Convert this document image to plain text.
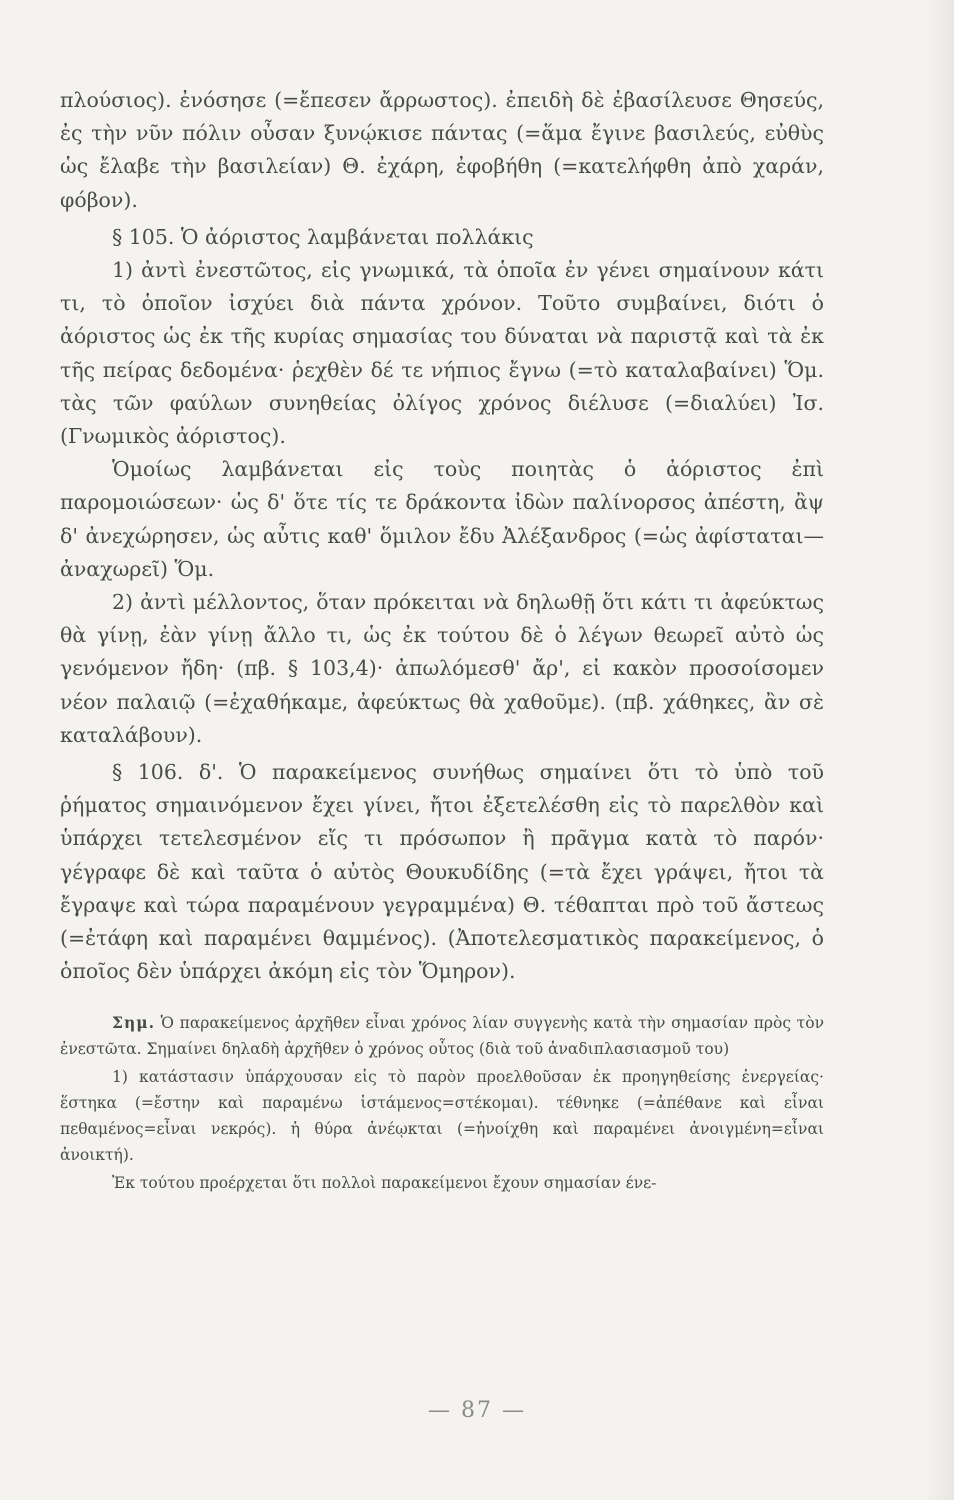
πλούσιος). ἐνόσησε (=ἔπεσεν ἄρρωστος). ἐπειδὴ δὲ ἐβασίλευσε Θησεύς, ἐς τὴν νῦν πόλιν οὖσαν ξυνῴκισε πάντας (=ἅμα ἔγινε βασιλεύς, εὐθὺς ὡς ἔλαβε τὴν βασιλείαν) Θ. ἐχάρη, ἐφοβήθη (=κατελήφθη ἀπὸ χαράν, φόβον).

§ 105. Ὁ ἀόριστος λαμβάνεται πολλάκις

1) ἀντὶ ἐνεστῶτος, εἰς γνωμικά, τὰ ὁποῖα ἐν γένει σημαίνουν κάτι τι, τὸ ὁποῖον ἰσχύει διὰ πάντα χρόνον. Τοῦτο συμβαίνει, διότι ὁ ἀόριστος ὡς ἐκ τῆς κυρίας σημασίας του δύναται νὰ παριστᾷ καὶ τὰ ἐκ τῆς πείρας δεδομένα· ῥεχθὲν δέ τε νήπιος ἔγνω (=τὸ καταλαβαίνει) Ὅμ. τὰς τῶν φαύλων συνηθείας ὀλίγος χρόνος διέλυσε (=διαλύει) Ἰσ. (Γνωμικὸς ἀόριστος).

Ὁμοίως λαμβάνεται εἰς τοὺς ποιητὰς ὁ ἀόριστος ἐπὶ παρομοιώσεων· ὡς δ' ὅτε τίς τε δράκοντα ἰδὼν παλίνορσος ἀπέστη, ἂψ δ' ἀνεχώρησεν, ὡς αὖτις καθ' ὅμιλον ἔδυ Ἀλέξανδρος (=ὡς ἀφίσταται—ἀναχωρεῖ) Ὅμ.

2) ἀντὶ μέλλοντος, ὅταν πρόκειται νὰ δηλωθῇ ὅτι κάτι τι ἀφεύκτως θὰ γίνῃ, ἐὰν γίνῃ ἄλλο τι, ὡς ἐκ τούτου δὲ ὁ λέγων θεωρεῖ αὐτὸ ὡς γενόμενον ἤδη· (πβ. § 103,4)· ἀπωλόμεσθ' ἄρ', εἰ κακὸν προσοίσομεν νέον παλαιῷ (=ἐχαθήκαμε, ἀφεύκτως θὰ χαθοῦμε). (πβ. χάθηκες, ἂν σὲ καταλάβουν).

§ 106. δ'. Ὁ παρακείμενος συνήθως σημαίνει ὅτι τὸ ὑπὸ τοῦ ῥήματος σημαινόμενον ἔχει γίνει, ἤτοι ἐξετελέσθη εἰς τὸ παρελθὸν καὶ ὑπάρχει τετελεσμένον εἴς τι πρόσωπον ἢ πρᾶγμα κατὰ τὸ παρόν· γέγραφε δὲ καὶ ταῦτα ὁ αὐτὸς Θουκυδίδης (=τὰ ἔχει γράψει, ἤτοι τὰ ἔγραψε καὶ τώρα παραμένουν γεγραμμένα) Θ. τέθαπται πρὸ τοῦ ἄστεως (=ἐτάφη καὶ παραμένει θαμμένος). (Ἀποτελεσματικὸς παρακείμενος, ὁ ὁποῖος δὲν ὑπάρχει ἀκόμη εἰς τὸν Ὅμηρον).

Σημ. Ὁ παρακείμενος ἀρχῆθεν εἶναι χρόνος λίαν συγγενὴς κατὰ τὴν σημασίαν πρὸς τὸν ἐνεστῶτα. Σημαίνει δηλαδὴ ἀρχῆθεν ὁ χρόνος οὗτος (διὰ τοῦ ἀναδιπλασιασμοῦ του)

1) κατάστασιν ὑπάρχουσαν εἰς τὸ παρὸν προελθοῦσαν ἐκ προηγηθείσης ἐνεργείας· ἕστηκα (=ἔστην καὶ παραμένω ἱστάμενος=στέκομαι). τέθνηκε (=ἀπέθανε καὶ εἶναι πεθαμένος=εἶναι νεκρός). ἡ θύρα ἀνέῳκται (=ἠνοίχθη καὶ παραμένει ἀνοιγμένη=εἶναι ἀνοικτή).

Ἐκ τούτου προέρχεται ὅτι πολλοὶ παρακείμενοι ἔχουν σημασίαν ένε-

— 87 —
